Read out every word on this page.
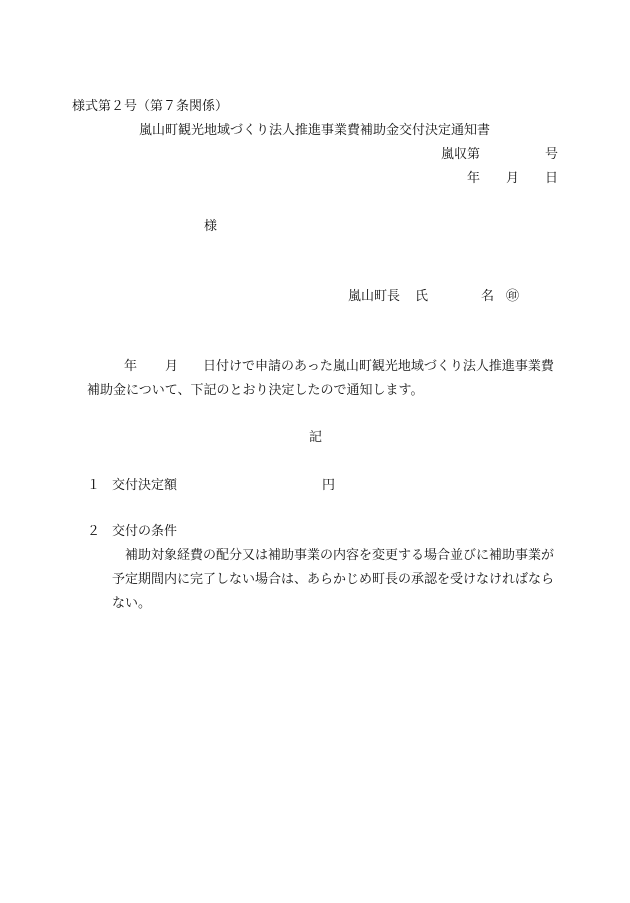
様式第２号（第７条関係）
嵐山町観光地域づくり法人推進事業費補助金交付決定通知書
嵐収第	号
年 月 日
様
嵐山町長 氏	名 ㊞
年 月 日付けで申請のあった嵐山町観光地域づくり法人推進事業費
補助金について、下記のとおり決定したので通知します。
記
１ 交付決定額	円
２ 交付の条件
補助対象経費の配分又は補助事業の内容を変更する場合並びに補助事業が
予定期間内に完了しない場合は、あらかじめ町長の承認を受けなければなら
ない。
